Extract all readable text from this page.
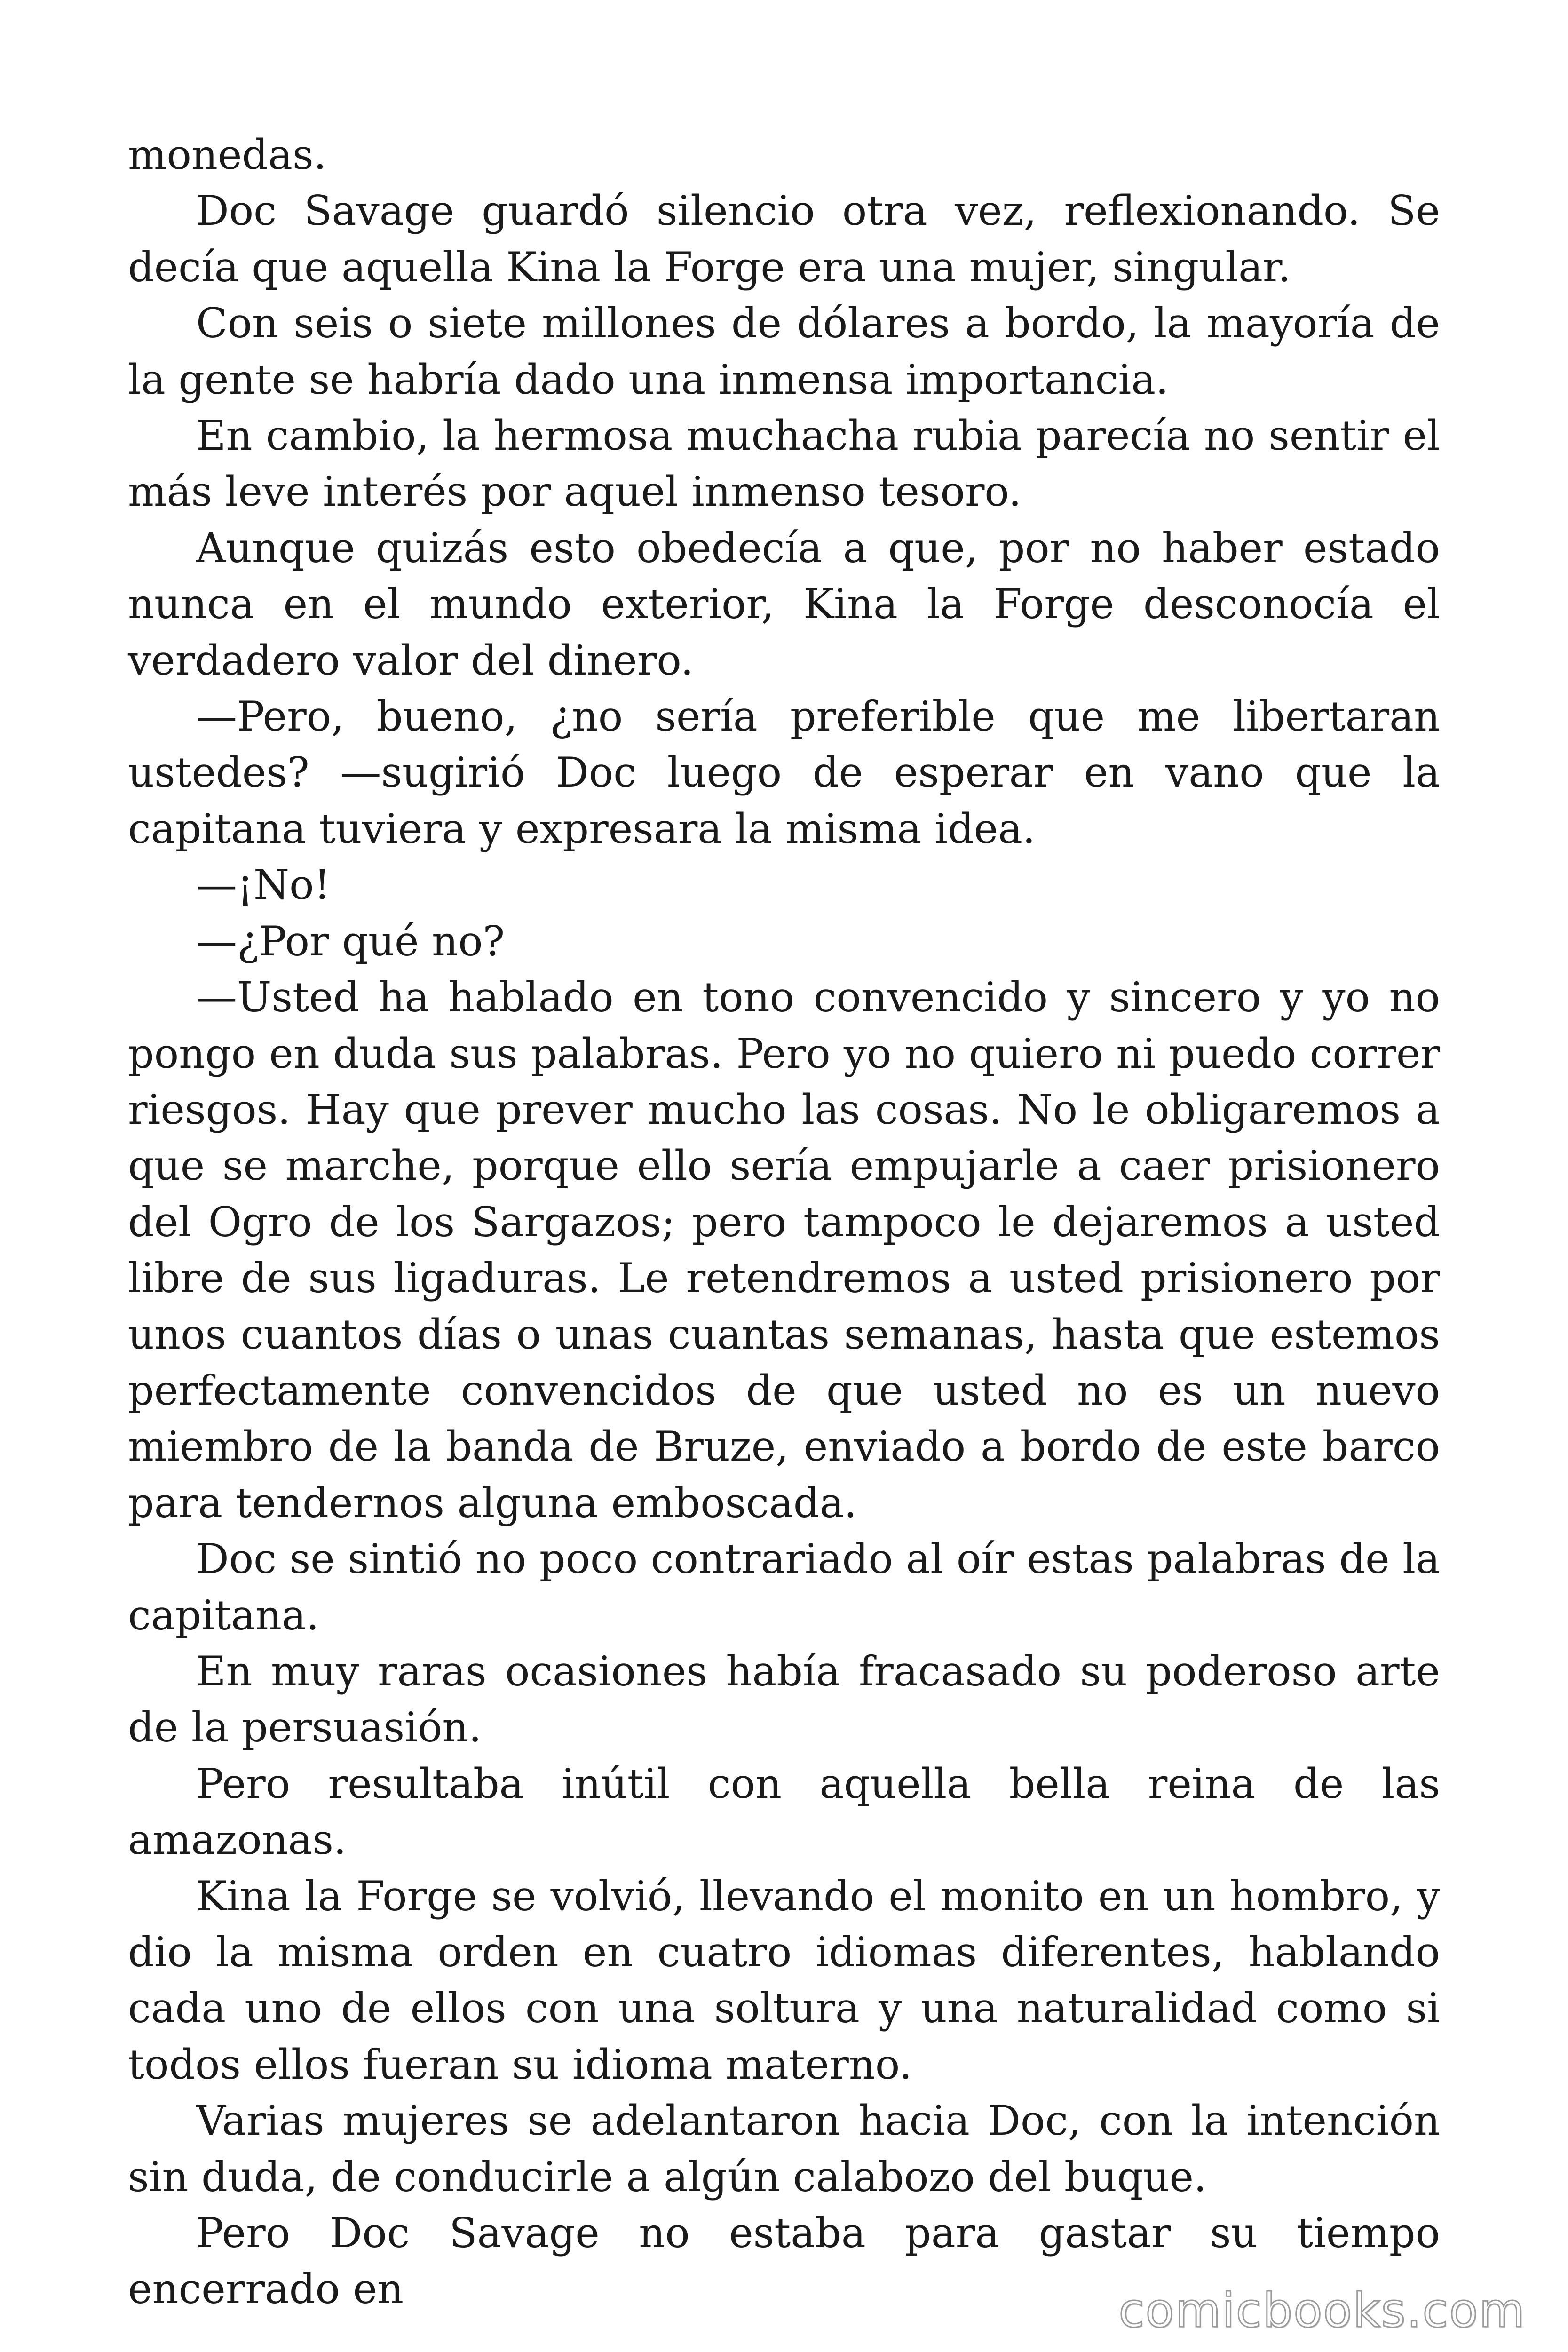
monedas.

Doc Savage guardó silencio otra vez, reflexionando. Se decía que aquella Kina la Forge era una mujer, singular.

Con seis o siete millones de dólares a bordo, la mayoría de la gente se habría dado una inmensa importancia.

En cambio, la hermosa muchacha rubia parecía no sentir el más leve interés por aquel inmenso tesoro.

Aunque quizás esto obedecía a que, por no haber estado nunca en el mundo exterior, Kina la Forge desconocía el verdadero valor del dinero.

—Pero, bueno, ¿no sería preferible que me libertaran ustedes? —sugirió Doc luego de esperar en vano que la capitana tuviera y expresara la misma idea.

—¡No!

—¿Por qué no?

—Usted ha hablado en tono convencido y sincero y yo no pongo en duda sus palabras. Pero yo no quiero ni puedo correr riesgos. Hay que prever mucho las cosas. No le obligaremos a que se marche, porque ello sería empujarle a caer prisionero del Ogro de los Sargazos; pero tampoco le dejaremos a usted libre de sus ligaduras. Le retendremos a usted prisionero por unos cuantos días o unas cuantas semanas, hasta que estemos perfectamente convencidos de que usted no es un nuevo miembro de la banda de Bruze, enviado a bordo de este barco para tendernos alguna emboscada.

Doc se sintió no poco contrariado al oír estas palabras de la capitana.

En muy raras ocasiones había fracasado su poderoso arte de la persuasión.

Pero resultaba inútil con aquella bella reina de las amazonas.

Kina la Forge se volvió, llevando el monito en un hombro, y dio la misma orden en cuatro idiomas diferentes, hablando cada uno de ellos con una soltura y una naturalidad como si todos ellos fueran su idioma materno.

Varias mujeres se adelantaron hacia Doc, con la intención sin duda, de conducirle a algún calabozo del buque.

Pero Doc Savage no estaba para gastar su tiempo encerrado en	comicbooks.com
